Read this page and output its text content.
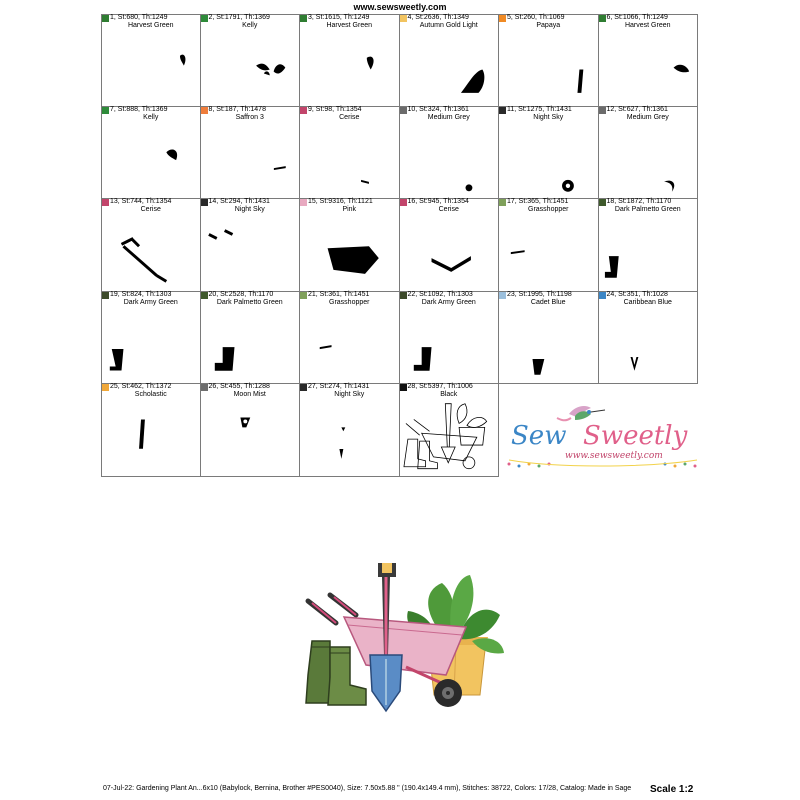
www.sewsweetly.com
1, St:680, Th:1249
Harvest Green
2, St:1791, Th:1369
Kelly
3, St:1615, Th:1249
Harvest Green
4, St:2636, Th:1349
Autumn Gold Light
5, St:260, Th:1069
Papaya
6, St:1066, Th:1249
Harvest Green
7, St:888, Th:1369
Kelly
8, St:187, Th:1478
Saffron 3
9, St:98, Th:1354
Cerise
10, St:324, Th:1361
Medium Grey
11, St:1275, Th:1431
Night Sky
12, St:627, Th:1361
Medium Grey
13, St:744, Th:1354
Cerise
14, St:294, Th:1431
Night Sky
15, St:9316, Th:1121
Pink
16, St:945, Th:1354
Cerise
17, St:365, Th:1451
Grasshopper
18, St:1872, Th:1170
Dark Palmetto Green
19, St:824, Th:1303
Dark Army Green
20, St:2528, Th:1170
Dark Palmetto Green
21, St:361, Th:1451
Grasshopper
22, St:1092, Th:1303
Dark Army Green
23, St:1995, Th:1198
Cadet Blue
24, St:351, Th:1028
Caribbean Blue
25, St:462, Th:1372
Scholastic
26, St:455, Th:1288
Moon Mist
27, St:274, Th:1431
Night Sky
28, St:5397, Th:1006
Black
Sew Sweetly
www.sewsweetly.com
07-Jul-22: Gardening Plant An...6x10 (Babylock, Bernina, Brother #PES0040), Size: 7.50x5.88 " (190.4x149.4 mm), Stitches: 38722, Colors: 17/28, Catalog: Made in Sage Scale 1:2
